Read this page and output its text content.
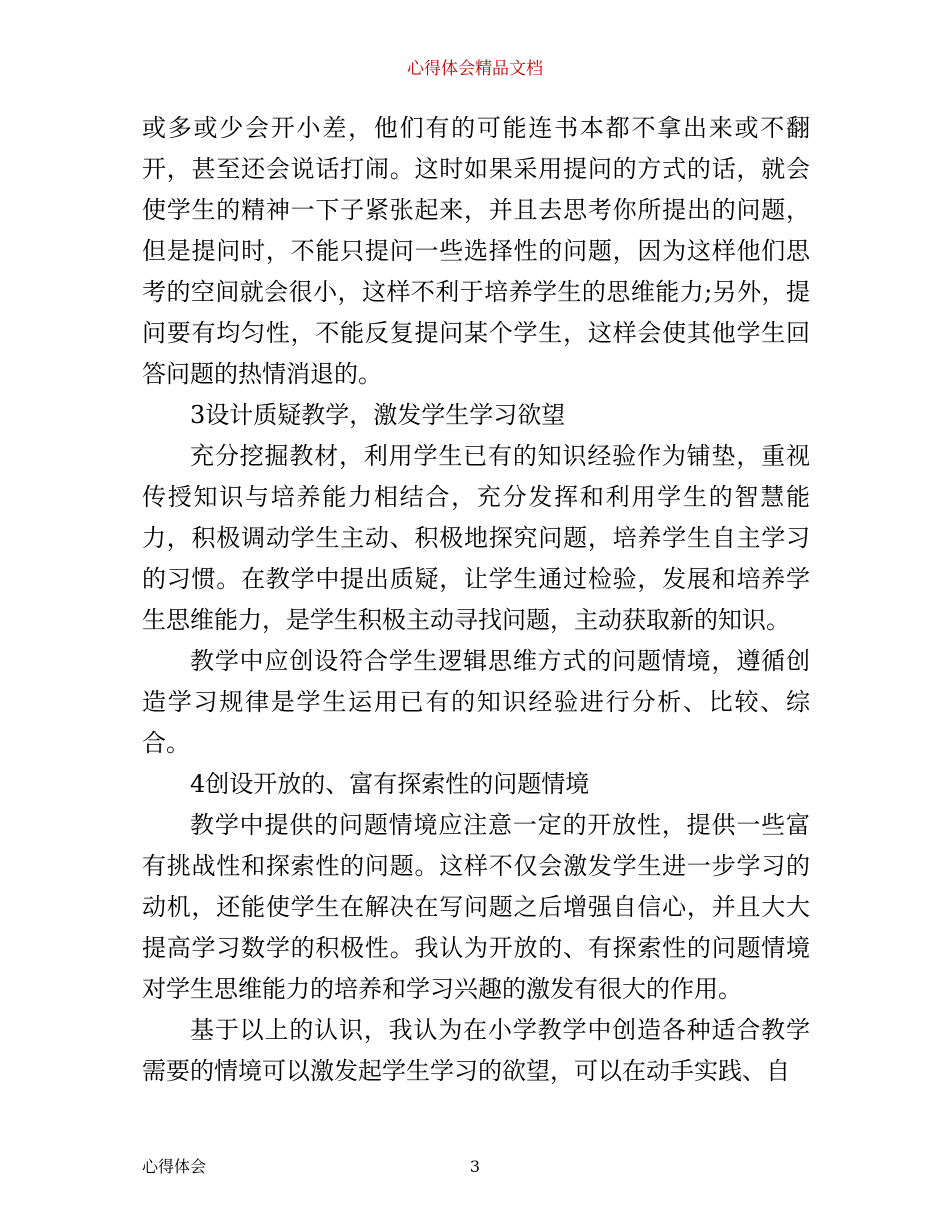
心得体会精品文档

或多或少会开小差，他们有的可能连书本都不拿出来或不翻开，甚至还会说话打闹。这时如果采用提问的方式的话，就会使学生的精神一下子紧张起来，并且去思考你所提出的问题，但是提问时，不能只提问一些选择性的问题，因为这样他们思考的空间就会很小，这样不利于培养学生的思维能力;另外，提问要有均匀性，不能反复提问某个学生，这样会使其他学生回答问题的热情消退的。

3设计质疑教学，激发学生学习欲望

充分挖掘教材，利用学生已有的知识经验作为铺垫，重视传授知识与培养能力相结合，充分发挥和利用学生的智慧能力，积极调动学生主动、积极地探究问题，培养学生自主学习的习惯。在教学中提出质疑，让学生通过检验，发展和培养学生思维能力，是学生积极主动寻找问题，主动获取新的知识。

教学中应创设符合学生逻辑思维方式的问题情境，遵循创造学习规律是学生运用已有的知识经验进行分析、比较、综合。

4创设开放的、富有探索性的问题情境

教学中提供的问题情境应注意一定的开放性，提供一些富有挑战性和探索性的问题。这样不仅会激发学生进一步学习的动机，还能使学生在解决在写问题之后增强自信心，并且大大提高学习数学的积极性。我认为开放的、有探索性的问题情境对学生思维能力的培养和学习兴趣的激发有很大的作用。

基于以上的认识，我认为在小学教学中创造各种适合教学需要的情境可以激发起学生学习的欲望，可以在动手实践、自

心得体会	3
